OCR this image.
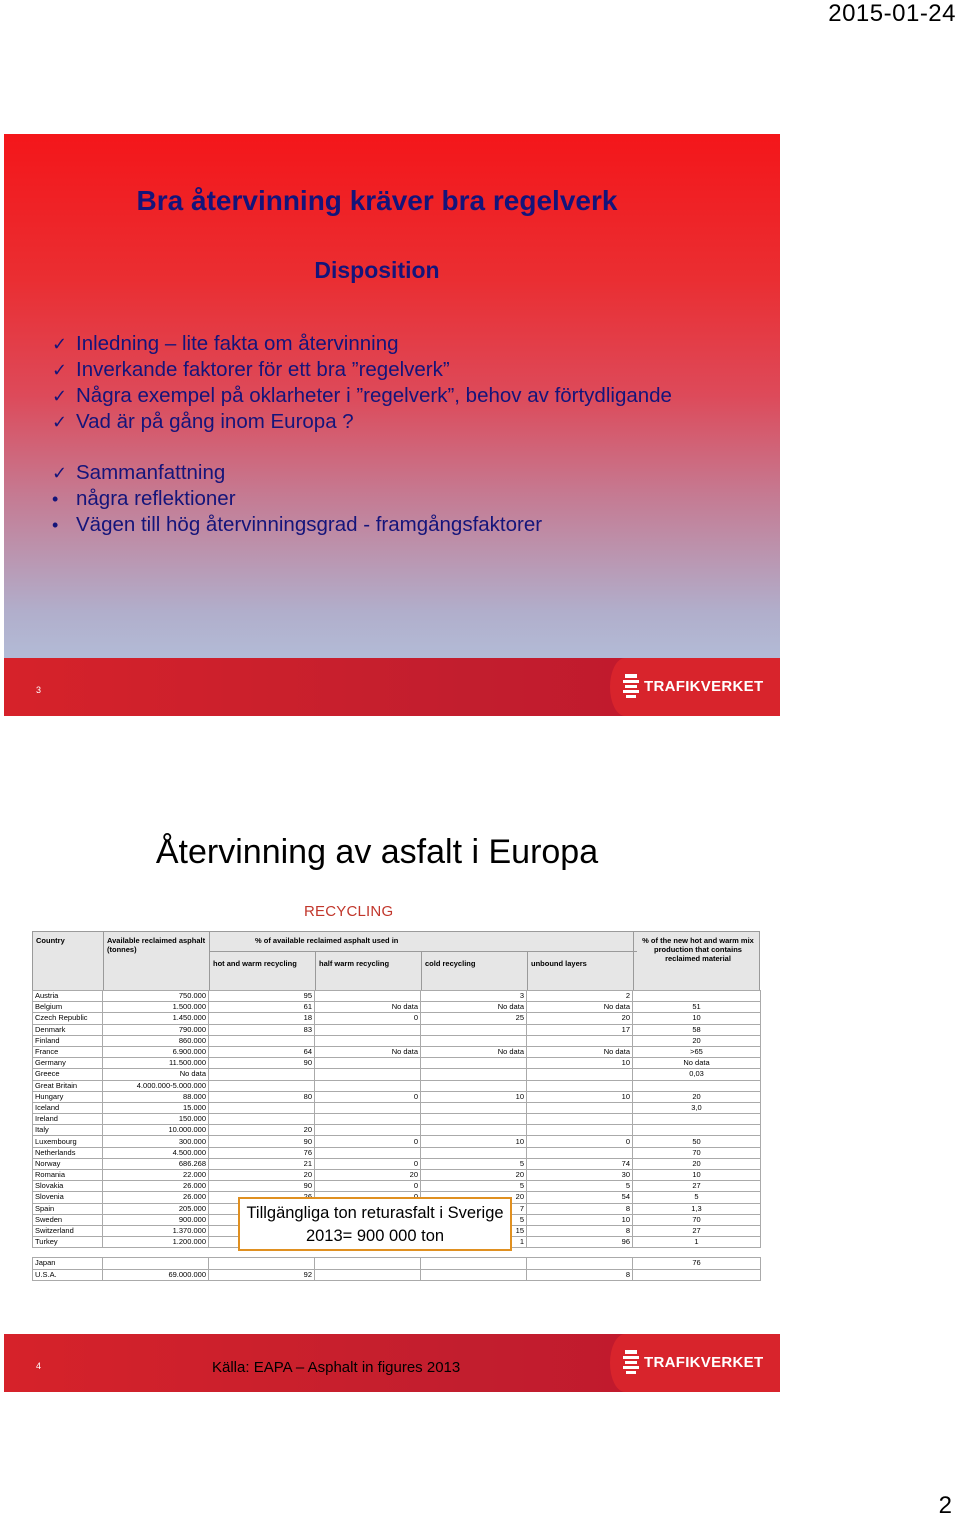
2015-01-24
Bra återvinning kräver bra regelverk
Disposition
✓ Inledning – lite fakta om återvinning
✓ Inverkande faktorer för ett bra ”regelverk”
✓ Några exempel på oklarheter i ”regelverk”, behov av förtydligande
✓ Vad är på gång inom Europa ?
✓ Sammanfattning
• några reflektioner
• Vägen till hög återvinningsgrad - framgångsfaktorer
3	TRAFIKVERKET
Återvinning av asfalt i Europa
RECYCLING
Country	Available reclaimed asphalt (tonnes)
% of available reclaimed asphalt used in
hot and warm recycling	half warm recycling	cold recycling	unbound layers
% of the new hot and warm mix production that contains reclaimed material
Austria	750.000	95		3	2	
Belgium	1.500.000	61	No data	No data	No data	51
Czech Republic	1.450.000	18	0	25	20	10
Denmark	790.000	83			17	58
Finland	860.000					20
France	6.900.000	64	No data	No data	No data	>65
Germany	11.500.000	90			10	No data
Greece	No data					0,03
Great Britain	4.000.000-5.000.000					
Hungary	88.000	80	0	10	10	20
Iceland	15.000					3,0
Ireland	150.000					
Italy	10.000.000	20				
Luxembourg	300.000	90	0	10	0	50
Netherlands	4.500.000	76				70
Norway	686.268	21	0	5	74	20
Romania	22.000	20	20	20	30	10
Slovakia	26.000	90	0	5	5	27
Slovenia	26.000			20	54	5
Spain	205.000			7	8	1,3
Sweden	900.000			5	10	70
Switzerland	1.370.000			15	8	27
Turkey	1.200.000			1	96	1

Japan						76
U.S.A.	69.000.000	92			8	
Tillgängliga ton returasfalt i Sverige 2013= 900 000 ton
4	Källa: EAPA – Asphalt in figures 2013	TRAFIKVERKET
2
